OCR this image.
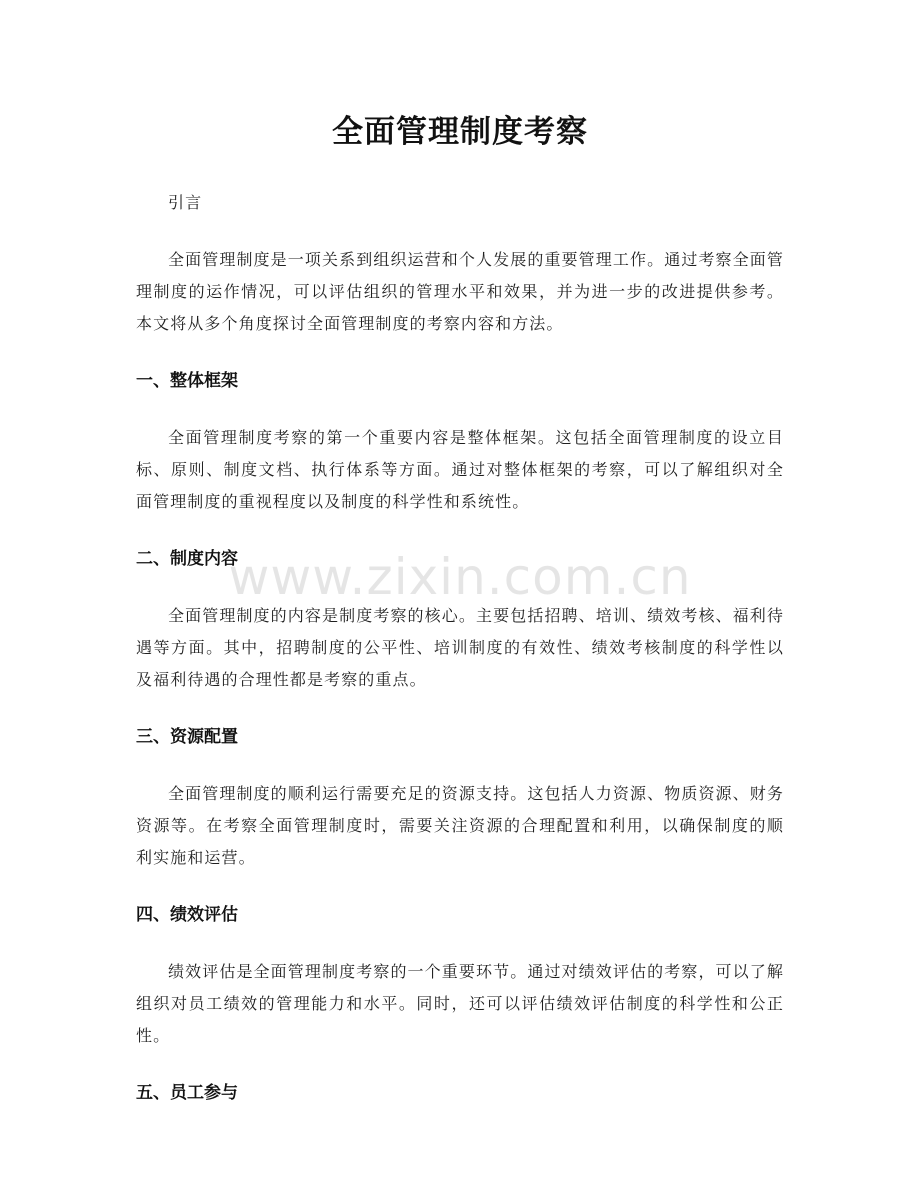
全面管理制度考察

引言

全面管理制度是一项关系到组织运营和个人发展的重要管理工作。通过考察全面管理制度的运作情况，可以评估组织的管理水平和效果，并为进一步的改进提供参考。本文将从多个角度探讨全面管理制度的考察内容和方法。

一、整体框架

全面管理制度考察的第一个重要内容是整体框架。这包括全面管理制度的设立目标、原则、制度文档、执行体系等方面。通过对整体框架的考察，可以了解组织对全面管理制度的重视程度以及制度的科学性和系统性。

二、制度内容

全面管理制度的内容是制度考察的核心。主要包括招聘、培训、绩效考核、福利待遇等方面。其中，招聘制度的公平性、培训制度的有效性、绩效考核制度的科学性以及福利待遇的合理性都是考察的重点。

三、资源配置

全面管理制度的顺利运行需要充足的资源支持。这包括人力资源、物质资源、财务资源等。在考察全面管理制度时，需要关注资源的合理配置和利用，以确保制度的顺利实施和运营。

四、绩效评估

绩效评估是全面管理制度考察的一个重要环节。通过对绩效评估的考察，可以了解组织对员工绩效的管理能力和水平。同时，还可以评估绩效评估制度的科学性和公正性。

五、员工参与
www.zixin.com.cn
